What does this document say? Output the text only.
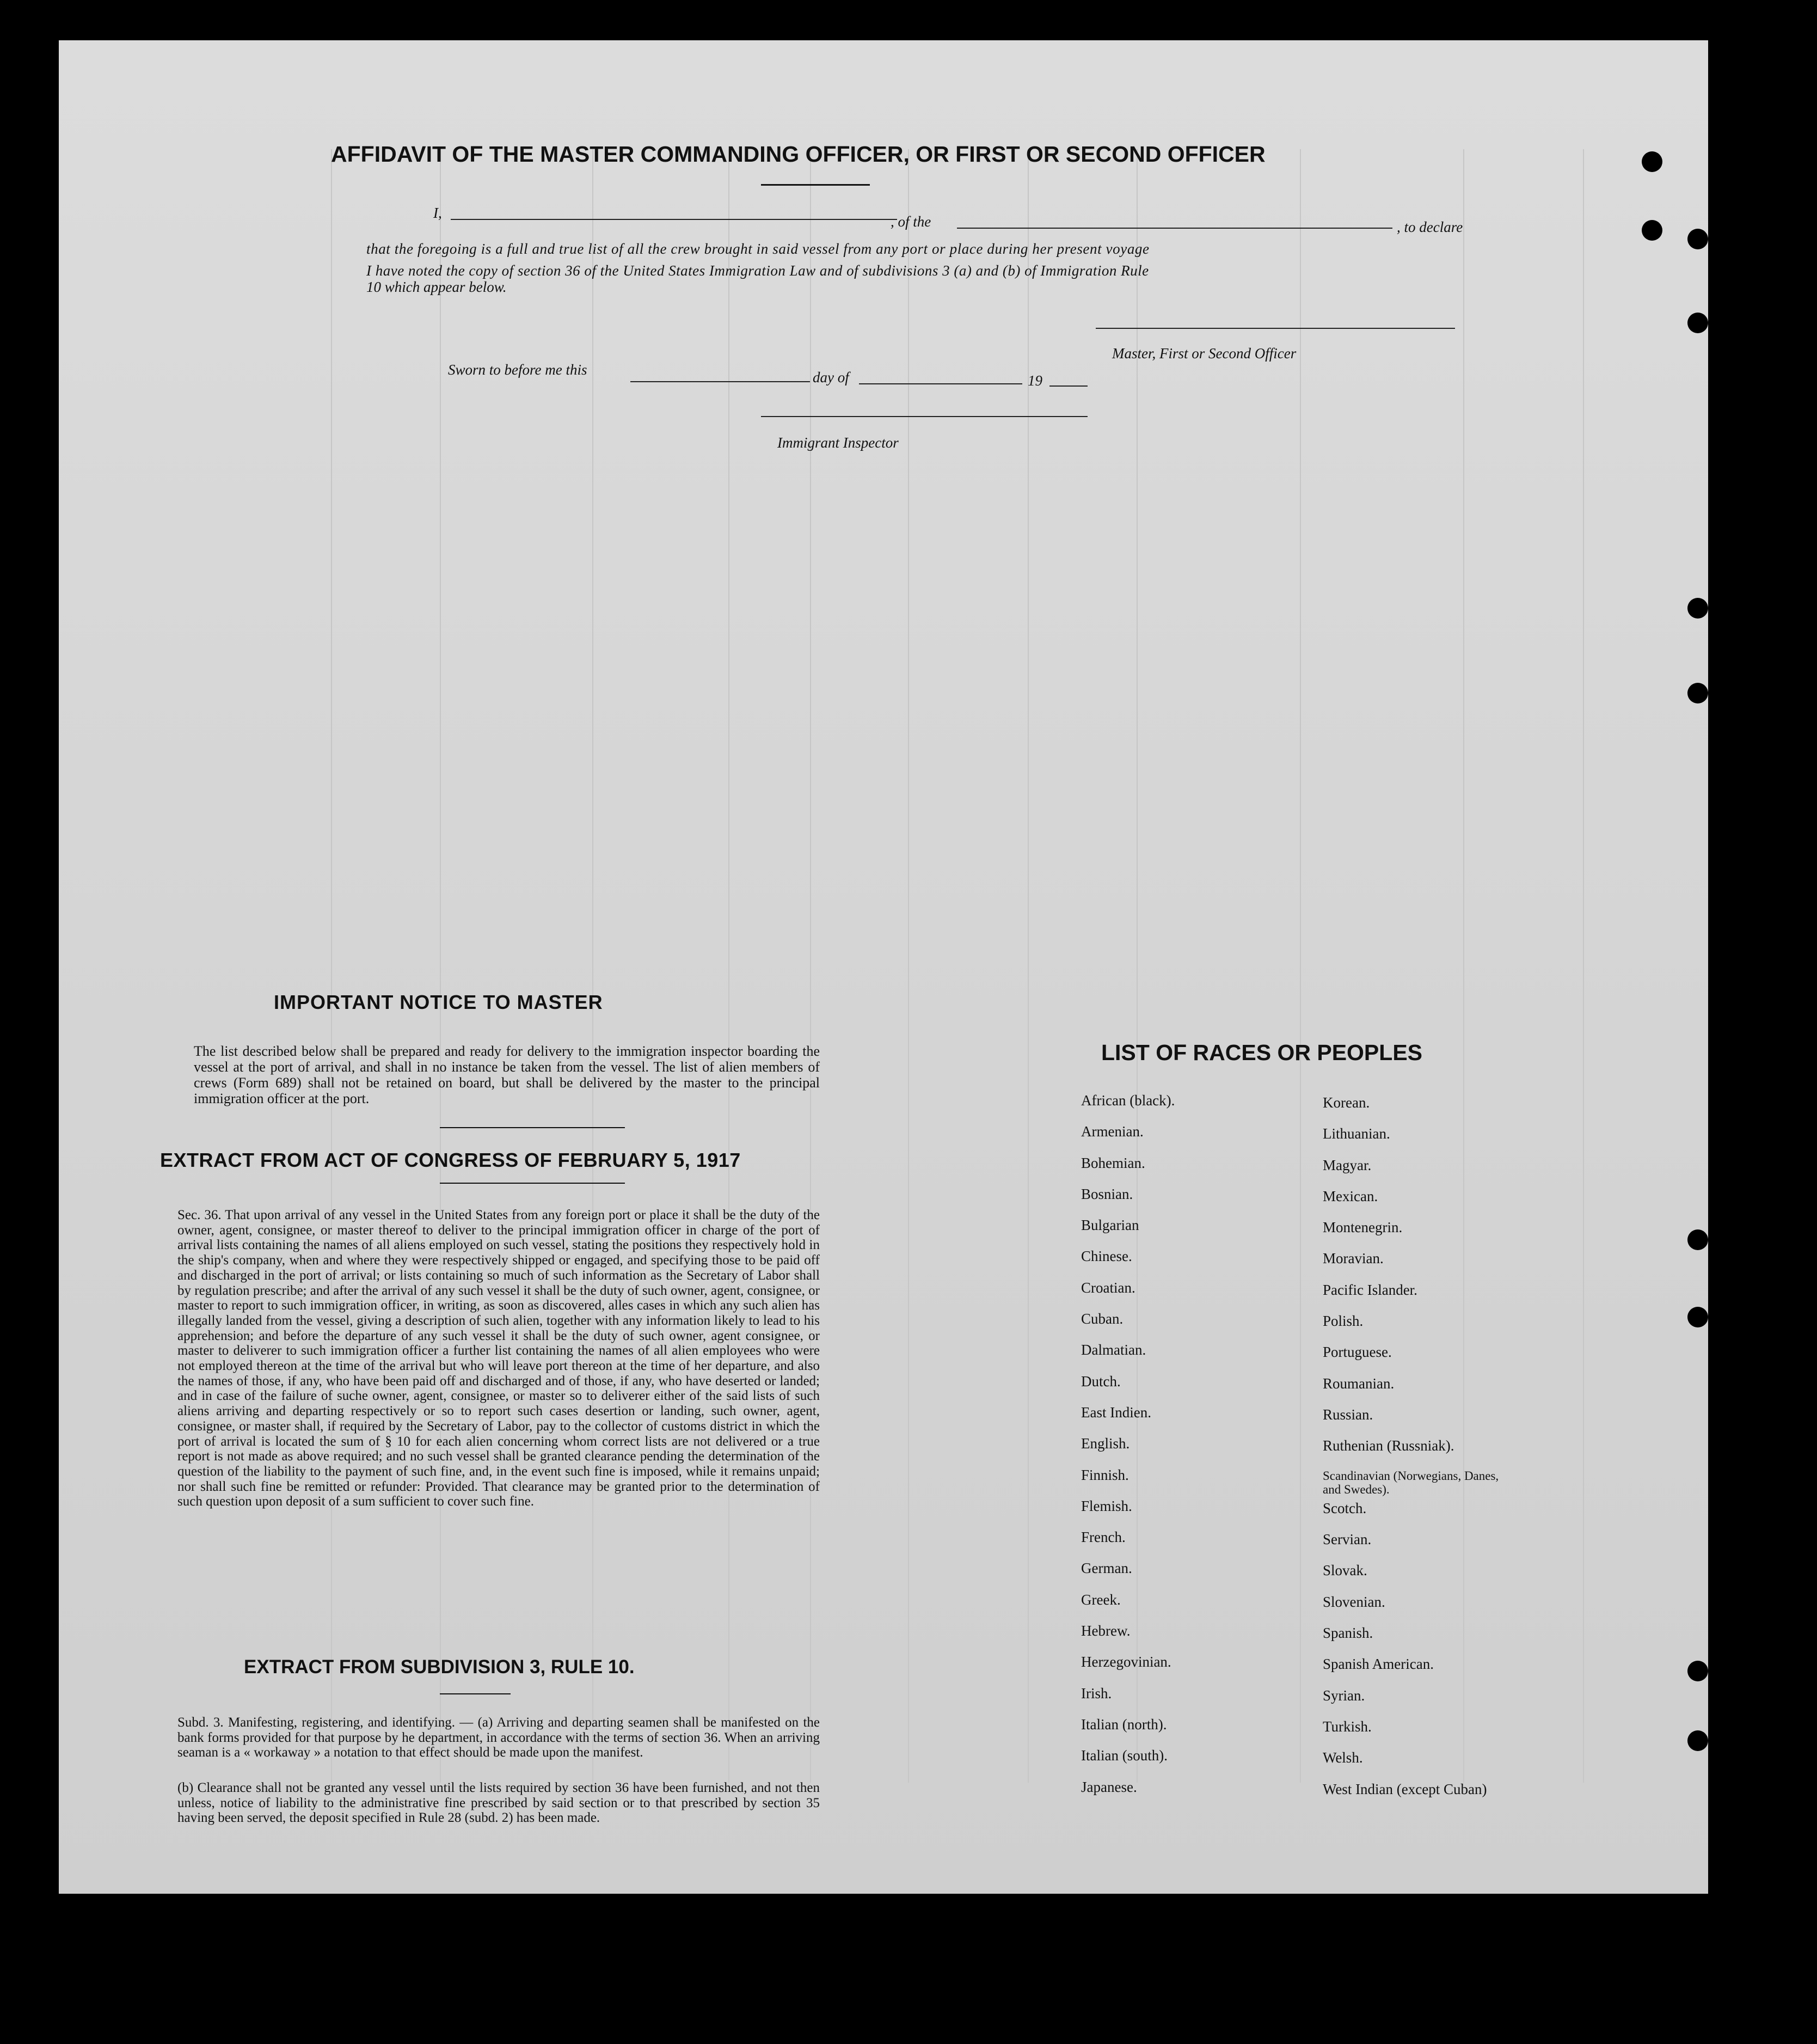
AFFIDAVIT OF THE MASTER COMMANDING OFFICER, OR FIRST OR SECOND OFFICER
I,
, of the	, to declare
that the foregoing is a full and true list of all the crew brought in said vessel from any port or place during her present voyage
I have noted the copy of section 36 of the United States Immigration Law and of subdivisions 3 (a) and (b) of Immigration Rule
10 which appear below.
Master, First or Second Officer
Sworn to before me this	day of	19
Immigrant Inspector
IMPORTANT NOTICE TO MASTER
The list described below shall be prepared and ready for delivery to the immigration inspector boarding the vessel at the port of arrival, and shall in no instance be taken from the vessel. The list of alien members of crews (Form 689) shall not be retained on board, but shall be delivered by the master to the principal immigration officer at the port.
EXTRACT FROM ACT OF CONGRESS OF FEBRUARY 5, 1917
Sec. 36. That upon arrival of any vessel in the United States from any foreign port or place it shall be the duty of the owner, agent, consignee, or master thereof to deliver to the principal immigration officer in charge of the port of arrival lists containing the names of all aliens employed on such vessel, stating the positions they respectively hold in the ship's company, when and where they were respectively shipped or engaged, and specifying those to be paid off and discharged in the port of arrival; or lists containing so much of such information as the Secretary of Labor shall by regulation prescribe; and after the arrival of any such vessel it shall be the duty of such owner, agent, consignee, or master to report to such immigration officer, in writing, as soon as discovered, alles cases in which any such alien has illegally landed from the vessel, giving a description of such alien, together with any information likely to lead to his apprehension; and before the departure of any such vessel it shall be the duty of such owner, agent consignee, or master to deliverer to such immigration officer a further list containing the names of all alien employees who were not employed thereon at the time of the arrival but who will leave port thereon at the time of her departure, and also the names of those, if any, who have been paid off and discharged and of those, if any, who have deserted or landed; and in case of the failure of suche owner, agent, consignee, or master so to deliverer either of the said lists of such aliens arriving and departing respectively or so to report such cases desertion or landing, such owner, agent, consignee, or master shall, if required by the Secretary of Labor, pay to the collector of customs district in which the port of arrival is located the sum of § 10 for each alien concerning whom correct lists are not delivered or a true report is not made as above required; and no such vessel shall be granted clearance pending the determination of the question of the liability to the payment of such fine, and, in the event such fine is imposed, while it remains unpaid; nor shall such fine be remitted or refunder: Provided. That clearance may be granted prior to the determination of such question upon deposit of a sum sufficient to cover such fine.
EXTRACT FROM SUBDIVISION 3, RULE 10.
Subd. 3. Manifesting, registering, and identifying. — (a) Arriving and departing seamen shall be manifested on the bank forms provided for that purpose by he department, in accordance with the terms of section 36. When an arriving seaman is a « workaway » a notation to that effect should be made upon the manifest.
(b) Clearance shall not be granted any vessel until the lists required by section 36 have been furnished, and not then unless, notice of liability to the administrative fine prescribed by said section or to that prescribed by section 35 having been served, the deposit specified in Rule 28 (subd. 2) has been made.
LIST OF RACES OR PEOPLES
African (black).
Armenian.
Bohemian.
Bosnian.
Bulgarian
Chinese.
Croatian.
Cuban.
Dalmatian.
Dutch.
East Indien.
English.
Finnish.
Flemish.
French.
German.
Greek.
Hebrew.
Herzegovinian.
Irish.
Italian (north).
Italian (south).
Japanese.
Korean.
Lithuanian.
Magyar.
Mexican.
Montenegrin.
Moravian.
Pacific Islander.
Polish.
Portuguese.
Roumanian.
Russian.
Ruthenian (Russniak).
Scandinavian (Norwegians, Danes, and Swedes).
Scotch.
Servian.
Slovak.
Slovenian.
Spanish.
Spanish American.
Syrian.
Turkish.
Welsh.
West Indian (except Cuban)
